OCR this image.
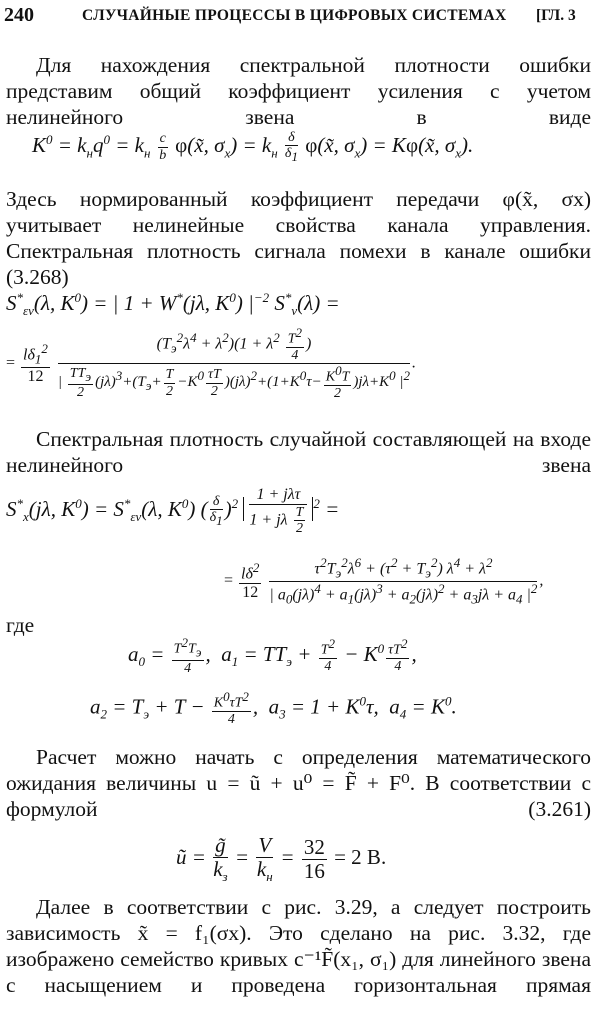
240	СЛУЧАЙНЫЕ ПРОЦЕССЫ В ЦИФРОВЫХ СИСТЕМАХ [ГЛ. 3

Для нахождения спектральной плотности ошибки представим общий коэффициент усиления с учетом нелинейного звена в виде

$K^0 = k_нq^0 = k_н \frac{c}{b}$ φ(x̃, $\sigma_x) = k_н \frac{\delta}{\delta_1}$ φ(x̃, $\sigma_x$) = Kφ(x̃, $\sigma_x$).

Здесь нормированный коэффициент передачи φ(x̃, σx) учитывает нелинейные свойства канала управления. Спектральная плотность сигнала помехи в канале ошибки (3.268)

$S^*_{\varepsilon v}(\lambda$, $K^0$) = | 1 + W*(jλ, $K^0$) $|^{-2}$ $S^*_v(\lambda)$ =
= $\frac{l\delta_1^2}{12}$
$\frac{(T_э^2\lambda^4 + \lambda^2)(1 + \lambda^2 \frac{T^2}{4} )}{| \frac{TT_э}{2} (j\lambda)^3+(T_э+ \frac{T}{2} -K^0 \frac{\tau T}{2} )(j\lambda)^2+(1+K^0\tau- \frac{K^0T}{2} )j\lambda+K^0 |^2}$ .

Спектральная плотность случайной составляющей на входе нелинейного звена

$S^*_x(j\lambda$, $K^0) = S^*_{\varepsilon v}(\lambda$, $K^0$) ( $\frac{\delta}{\delta_1} )^2 \frac{\text{1 + jλτ}}{1 + j\lambda \frac{T}{2}} ^2$ =
= $\frac{l\delta^2}{12}$
$\frac{\tau^2T_э^2\lambda^6 + (\tau^2 + T_э^2) \lambda^4 + \lambda^2}{| a_0(j\lambda)^4 + a_1(j\lambda)^3 + a_2(j\lambda)^2 + a_3j\lambda + a_4 |^2}$ ,

где

$a_0 = \frac{T^2T_э}{4}$ ,  $a_1 = TT_э + \frac{T^2}{4} - K^0 \frac{\tau T^2}{4}$ ,
$a_2 = T_э + T - \frac{K^0\tau T^2}{4}$ ,  $a_3 = 1 + K^0\tau$,  $a_4 = K^0$.

Расчет можно начать с определения математического ожидания величины u = ũ + u⁰ = F̃ + F⁰. В соответствии с формулой (3.261)

ũ = $\frac{g̃}{k_з} = \frac{V}{k_н} = \frac{32}{16} = 2$ В.

Далее в соответствии с рис. 3.29, а следует построить зависимость x̃ = f₁(σx). Это сделано на рис. 3.32, где изображено семейство кривых c⁻¹F̃(x₁, σ₁) для линейного звена с насыщением и проведена горизонтальная прямая
